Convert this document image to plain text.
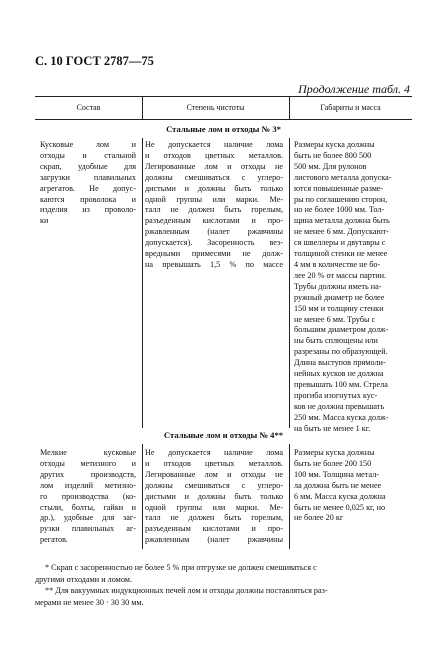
С. 10 ГОСТ 2787—75
Продолжение табл. 4
Состав	Степень чистоты	Габариты и масса
Стальные лом и отходы № 3*
Кусковые лом и
отходы и стальной
скрап, удобные для
загрузки плавильных
агрегатов. Не допус-
каются проволока и
изделия из проволо-
ки
Не допускается наличие лома
и отходов цветных металлов.
Легированные лом и отходы не
должны смешиваться с углеро-
дистыми и должны быть только
одной группы или марки. Ме-
талл не должен быть горелым,
разъеденным кислотами и про-
ржавленным (налет ржавчины
допускается). Засоренность вез-
вредными примесями не долж-
на превышать 1,5 % по массе
Размеры куска должны
быть не более 800 500
500 мм. Для рулонов
листового металла допуска-
ются повышенные разме-
ры по соглашению сторон,
но не более 1000 мм. Тол-
щина металла должна быть
не менее 6 мм. Допускают-
ся швеллеры и двутавры с
толщиной стенки не менее
4 мм в количестве не бо-
лее 20 % от массы партии.
Трубы должны иметь на-
ружный диаметр не более
150 мм и толщину стенки
не менее 6 мм. Трубы с
большим диаметром долж-
ны быть сплющены или
разрезаны по образующей.
Длина выступов прямоли-
нейных кусков не должна
превышать 100 мм. Стрела
прогиба изогнутых кус-
ков не должна превышать
250 мм. Масса куска долж-
на быть не менее 1 кг.
Стальные лом и отходы № 4**
Мелкие кусковые
отходы метизного и
других производств,
лом изделий метизно-
го производства (ко-
стыли, болты, гайки и
др.), удобные для заг-
рузки плавильных аг-
регатов.
Не допускается наличие лома
и отходов цветных металлов.
Легированные лом и отходы не
должны смешиваться с углеро-
дистыми и должны быть только
одной группы или марки. Ме-
талл не должен быть горелым,
разъеденным кислотами и про-
ржавленным (налет ржавчины
Размеры куска должны
быть не более 200 150
100 мм. Толщина метал-
ла должна быть не менее
6 мм. Масса куска должна
быть не менее 0,025 кг, но
не более 20 кг
* Скрап с засоренностью не более 5 % при отгрузке не должен смешиваться с
другими отходами и ломом.
** Для вакуумных индукционных печей лом и отходы должны поставляться раз-
мерами не менее 30 · 30 30 мм.
